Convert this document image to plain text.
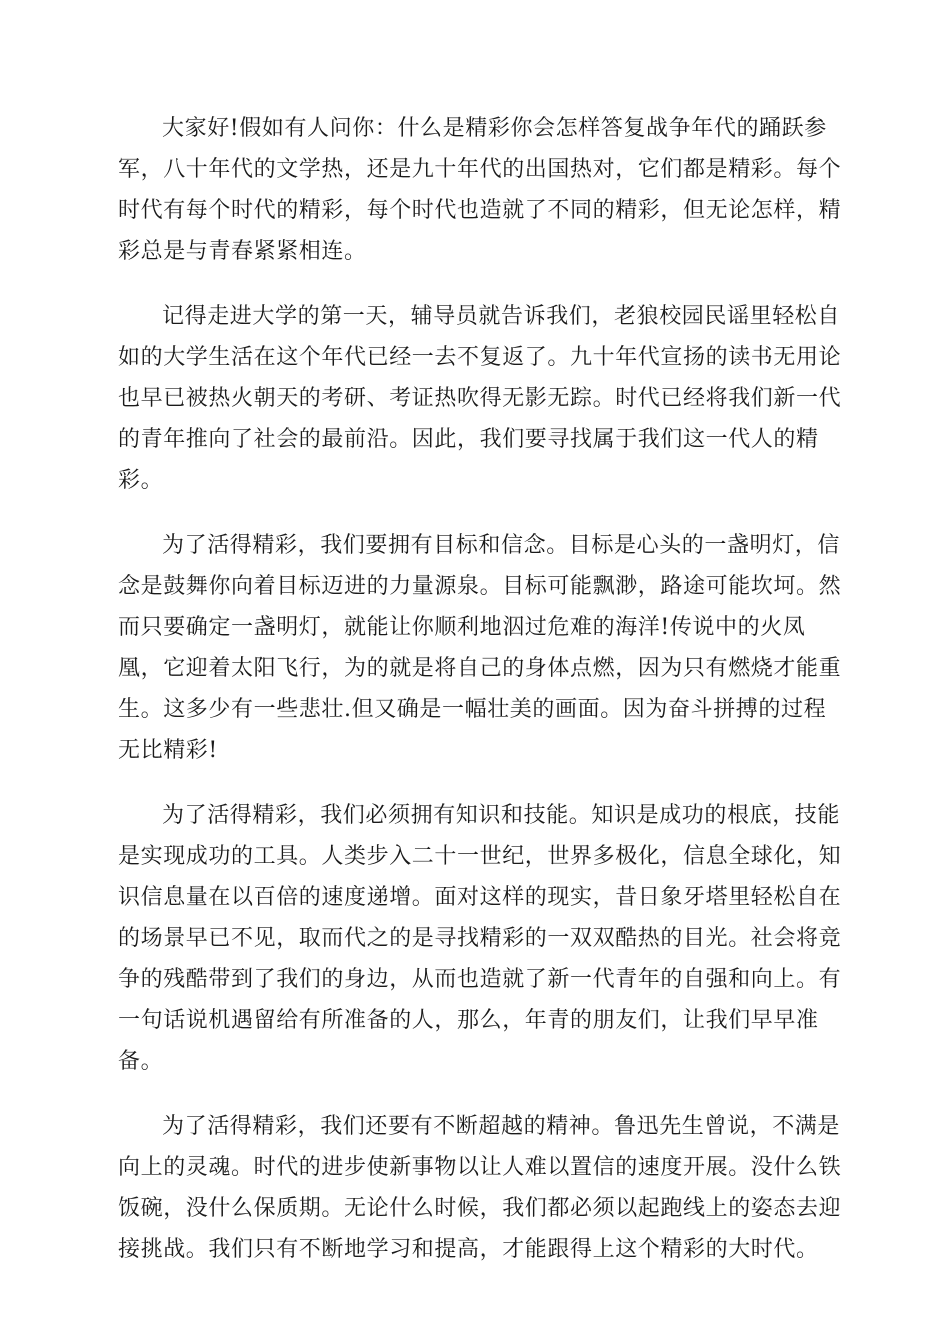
大家好!假如有人问你：什么是精彩你会怎样答复战争年代的踊跃参
军，八十年代的文学热，还是九十年代的出国热对，它们都是精彩。每个
时代有每个时代的精彩，每个时代也造就了不同的精彩，但无论怎样，精
彩总是与青春紧紧相连。
记得走进大学的第一天，辅导员就告诉我们，老狼校园民谣里轻松自
如的大学生活在这个年代已经一去不复返了。九十年代宣扬的读书无用论
也早已被热火朝天的考研、考证热吹得无影无踪。时代已经将我们新一代
的青年推向了社会的最前沿。因此，我们要寻找属于我们这一代人的精
彩。
为了活得精彩，我们要拥有目标和信念。目标是心头的一盏明灯，信
念是鼓舞你向着目标迈进的力量源泉。目标可能飘渺，路途可能坎坷。然
而只要确定一盏明灯，就能让你顺利地泅过危难的海洋!传说中的火凤
凰，它迎着太阳飞行，为的就是将自己的身体点燃，因为只有燃烧才能重
生。这多少有一些悲壮.但又确是一幅壮美的画面。因为奋斗拼搏的过程
无比精彩!
为了活得精彩，我们必须拥有知识和技能。知识是成功的根底，技能
是实现成功的工具。人类步入二十一世纪，世界多极化，信息全球化，知
识信息量在以百倍的速度递增。面对这样的现实，昔日象牙塔里轻松自在
的场景早已不见，取而代之的是寻找精彩的一双双酷热的目光。社会将竞
争的残酷带到了我们的身边，从而也造就了新一代青年的自强和向上。有
一句话说机遇留给有所准备的人，那么，年青的朋友们，让我们早早准
备。
为了活得精彩，我们还要有不断超越的精神。鲁迅先生曾说，不满是
向上的灵魂。时代的进步使新事物以让人难以置信的速度开展。没什么铁
饭碗，没什么保质期。无论什么时候，我们都必须以起跑线上的姿态去迎
接挑战。我们只有不断地学习和提高，才能跟得上这个精彩的大时代。
